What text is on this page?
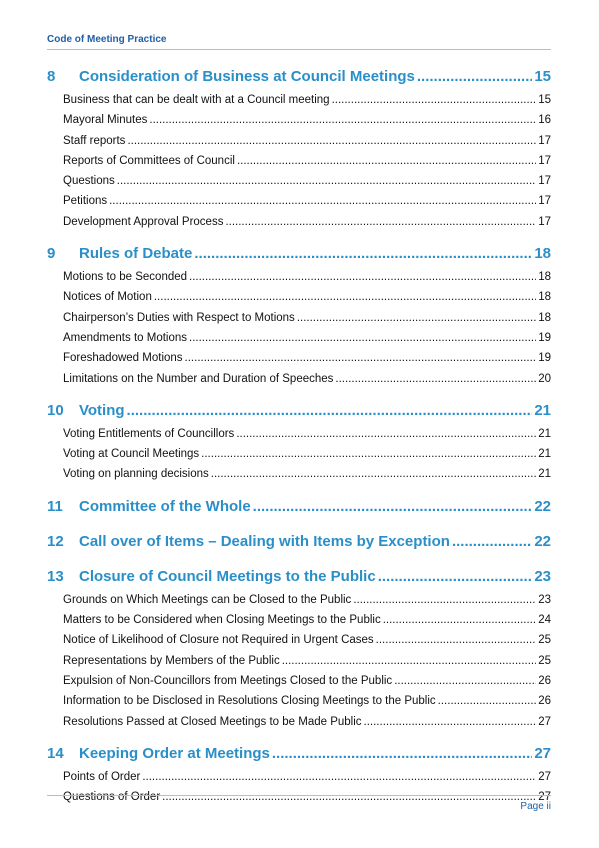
Code of Meeting Practice
8	Consideration of Business at Council Meetings .....	15
Business that can be dealt with at a Council meeting .....	15
Mayoral Minutes .....	16
Staff reports .....	17
Reports of Committees of Council .....	17
Questions .....	17
Petitions .....	17
Development Approval Process .....	17
9	Rules of Debate .....	18
Motions to be Seconded .....	18
Notices of Motion .....	18
Chairperson’s Duties with Respect to Motions .....	18
Amendments to Motions .....	19
Foreshadowed Motions .....	19
Limitations on the Number and Duration of Speeches .....	20
10	Voting .....	21
Voting Entitlements of Councillors .....	21
Voting at Council Meetings .....	21
Voting on planning decisions .....	21
11	Committee of the Whole .....	22
12	Call over of Items – Dealing with Items by Exception .....	22
13	Closure of Council Meetings to the Public .....	23
Grounds on Which Meetings can be Closed to the Public .....	23
Matters to be Considered when Closing Meetings to the Public .....	24
Notice of Likelihood of Closure not Required in Urgent Cases .....	25
Representations by Members of the Public .....	25
Expulsion of Non-Councillors from Meetings Closed to the Public .....	26
Information to be Disclosed in Resolutions Closing Meetings to the Public .....	26
Resolutions Passed at Closed Meetings to be Made Public .....	27
14	Keeping Order at Meetings .....	27
Points of Order .....	27
Questions of Order .....	27
Page ii
